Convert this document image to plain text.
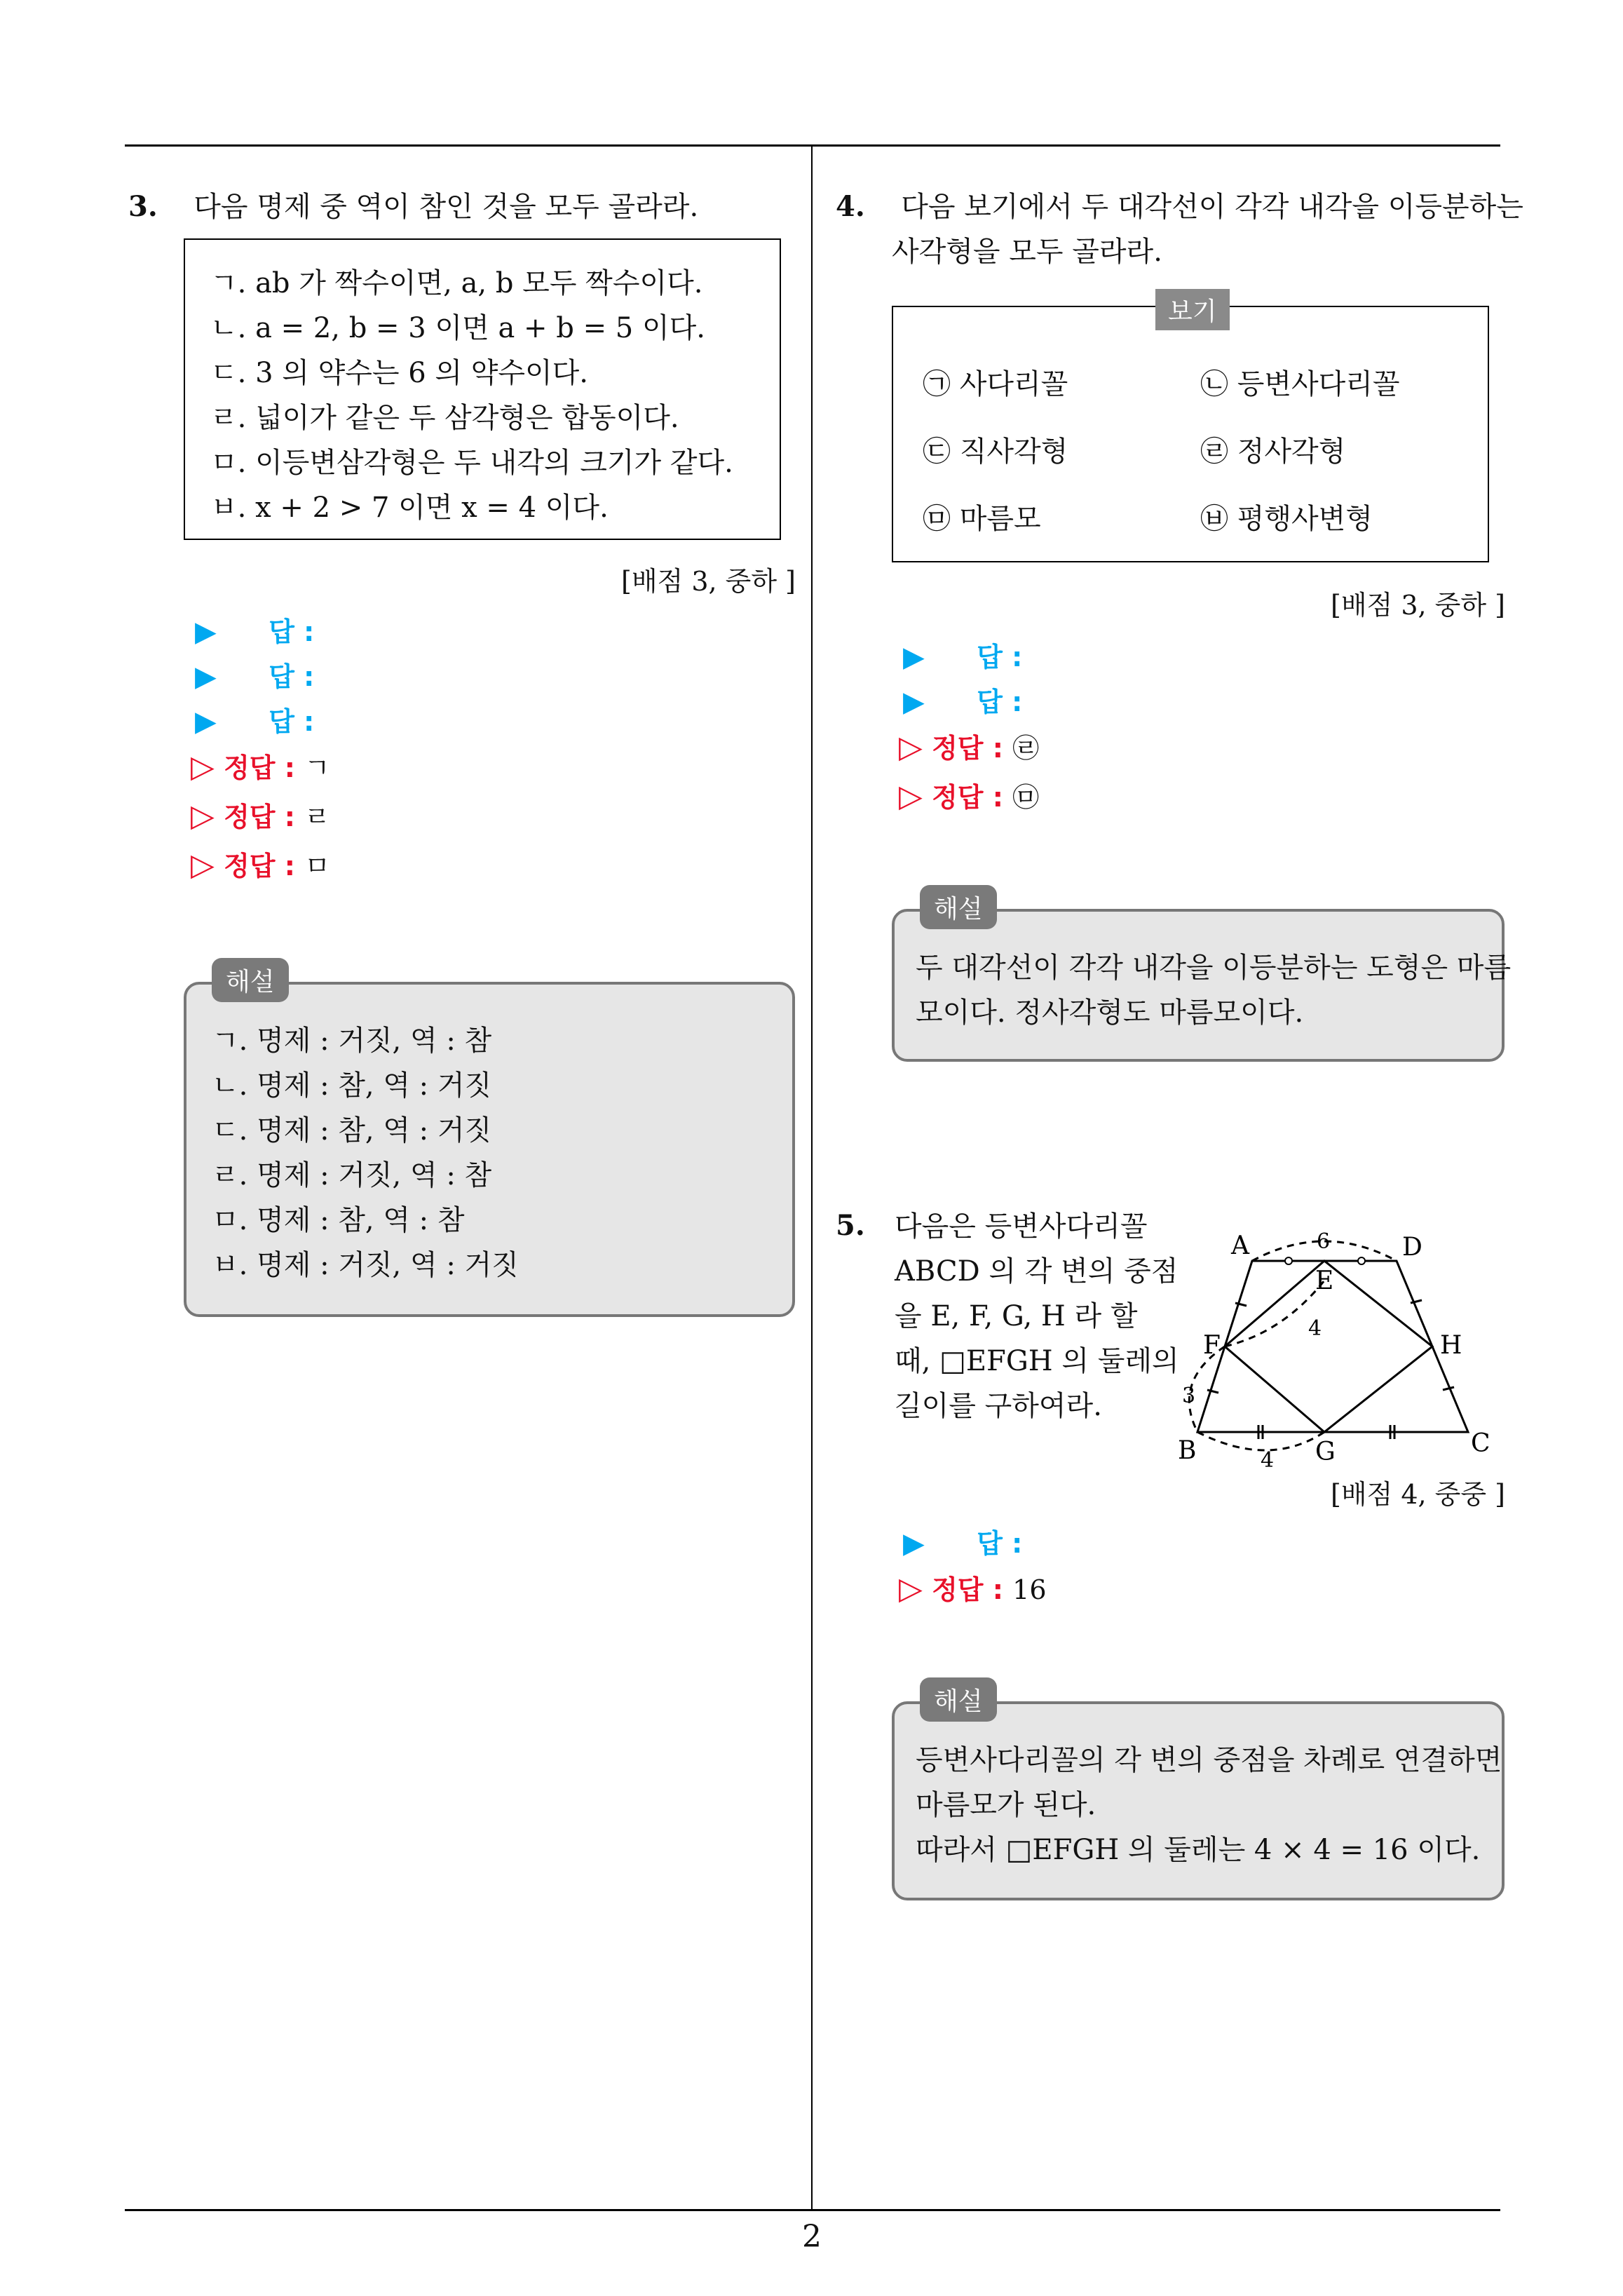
3. 다음 명제 중 역이 참인 것을 모두 골라라.
ㄱ. ab 가 짝수이면, a, b 모두 짝수이다.
ㄴ. a = 2, b = 3 이면 a + b = 5 이다.
ㄷ. 3 의 약수는 6 의 약수이다.
ㄹ. 넓이가 같은 두 삼각형은 합동이다.
ㅁ. 이등변삼각형은 두 내각의 크기가 같다.
ㅂ. x + 2 > 7 이면 x = 4 이다.
[배점 3, 중하 ]
▶ 답 :
▶ 답 :
▶ 답 :
▷ 정답 : ㄱ
▷ 정답 : ㄹ
▷ 정답 : ㅁ
ㄱ. 명제 : 거짓, 역 : 참
ㄴ. 명제 : 참, 역 : 거짓
ㄷ. 명제 : 참, 역 : 거짓
ㄹ. 명제 : 거짓, 역 : 참
ㅁ. 명제 : 참, 역 : 참
ㅂ. 명제 : 거짓, 역 : 거짓
해설
4. 다음 보기에서 두 대각선이 각각 내각을 이등분하는
사각형을 모두 골라라.
㉠ 사다리꼴	㉡ 등변사다리꼴
㉢ 직사각형	㉣ 정사각형
㉤ 마름모	㉥ 평행사변형
보기
[배점 3, 중하 ]
▶ 답 :
▶ 답 :
▷ 정답 : ㉣
▷ 정답 : ㉤
두 대각선이 각각 내각을 이등분하는 도형은 마름
모이다. 정사각형도 마름모이다.
해설
5. 다음은 등변사다리꼴
ABCD 의 각 변의 중점
을 E, F, G, H 라 할
때, □EFGH 의 둘레의
길이를 구하여라.
A	D
E
F	H
B	G	C
6
4
3
4
[배점 4, 중중 ]
▶ 답 :
▷ 정답 : 16
등변사다리꼴의 각 변의 중점을 차례로 연결하면
마름모가 된다.
따라서 □EFGH 의 둘레는 4 × 4 = 16 이다.
해설
2
